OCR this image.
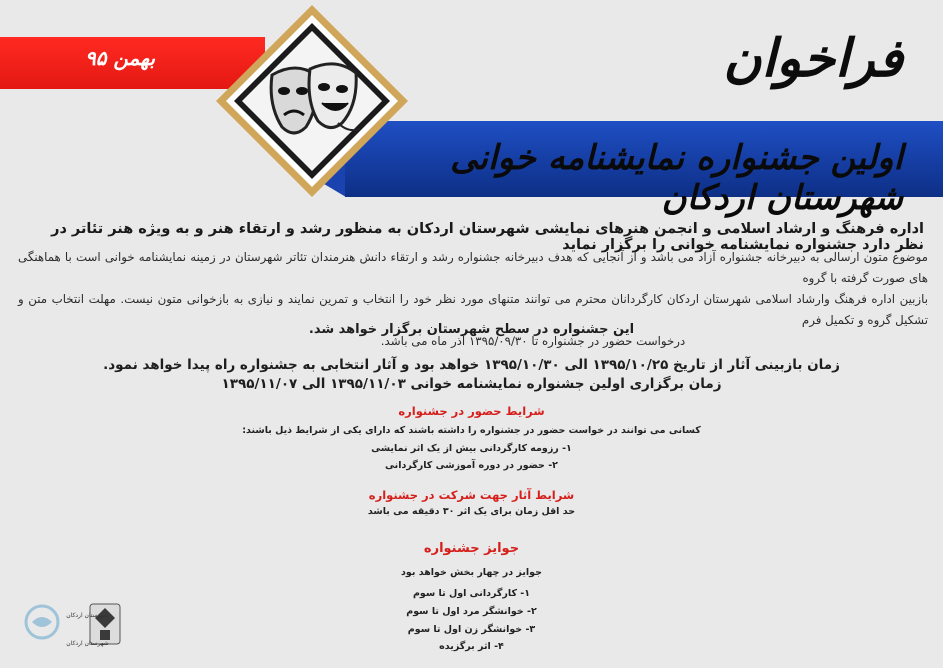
بهمن ۹۵	فراخوان
اولین جشنواره نمایشنامه خوانی شهرستان اردکان
اداره فرهنگ و ارشاد اسلامی و انجمن هنرهای نمایشی شهرستان اردکان به منظور رشد و ارتقاء هنر و به ویژه هنر تئاتر در نظر دارد جشنواره نمایشنامه خوانی را برگزار نماید
موضوع متون ارسالی به دبیرخانه جشنواره آزاد می باشد و از آنجایی که هدف دبیرخانه جشنواره رشد و ارتقاء دانش هنرمندان تئاتر شهرستان در زمینه نمایشنامه خوانی است با هماهنگی های صورت گرفته با گروه
بازبین اداره فرهنگ وارشاد اسلامی شهرستان اردکان کارگردانان محترم می توانند متنهای مورد نظر خود را انتخاب و تمرین نمایند و نیازی به بازخوانی متون نیست. مهلت انتخاب متن و تشکیل گروه و تکمیل فرم
درخواست حضور در جشنواره تا ۱۳۹۵/۰۹/۳۰ آذر ماه می باشد.
این جشنواره در سطح شهرستان برگزار خواهد شد.
زمان بازبینی آثار از تاریخ ۱۳۹۵/۱۰/۲۵ الی ۱۳۹۵/۱۰/۳۰ خواهد بود و آثار انتخابی به جشنواره راه پیدا خواهد نمود.
زمان برگزاری اولین جشنواره نمایشنامه خوانی ۱۳۹۵/۱۱/۰۳ الی ۱۳۹۵/۱۱/۰۷
شرایط حضور در جشنواره
کسانی می توانند در خواست حضور در جشنواره را داشته باشند که دارای یکی از شرایط ذیل باشند:
۱- رزومه کارگردانی بیش از یک اثر نمایشی
۲- حضور در دوره آموزشی کارگردانی
شرایط آثار جهت شرکت در جشنواره
حد اقل زمان برای یک اثر ۳۰ دقیقه می باشد
جوایز جشنواره
جوایز در چهار بخش خواهد بود
۱- کارگردانی اول تا سوم
۲- خوانشگر مرد اول تا سوم
۳- خوانشگر زن اول تا سوم
۴- اثر برگزیده
شهرستان اردکان
شهرستان اردکان
